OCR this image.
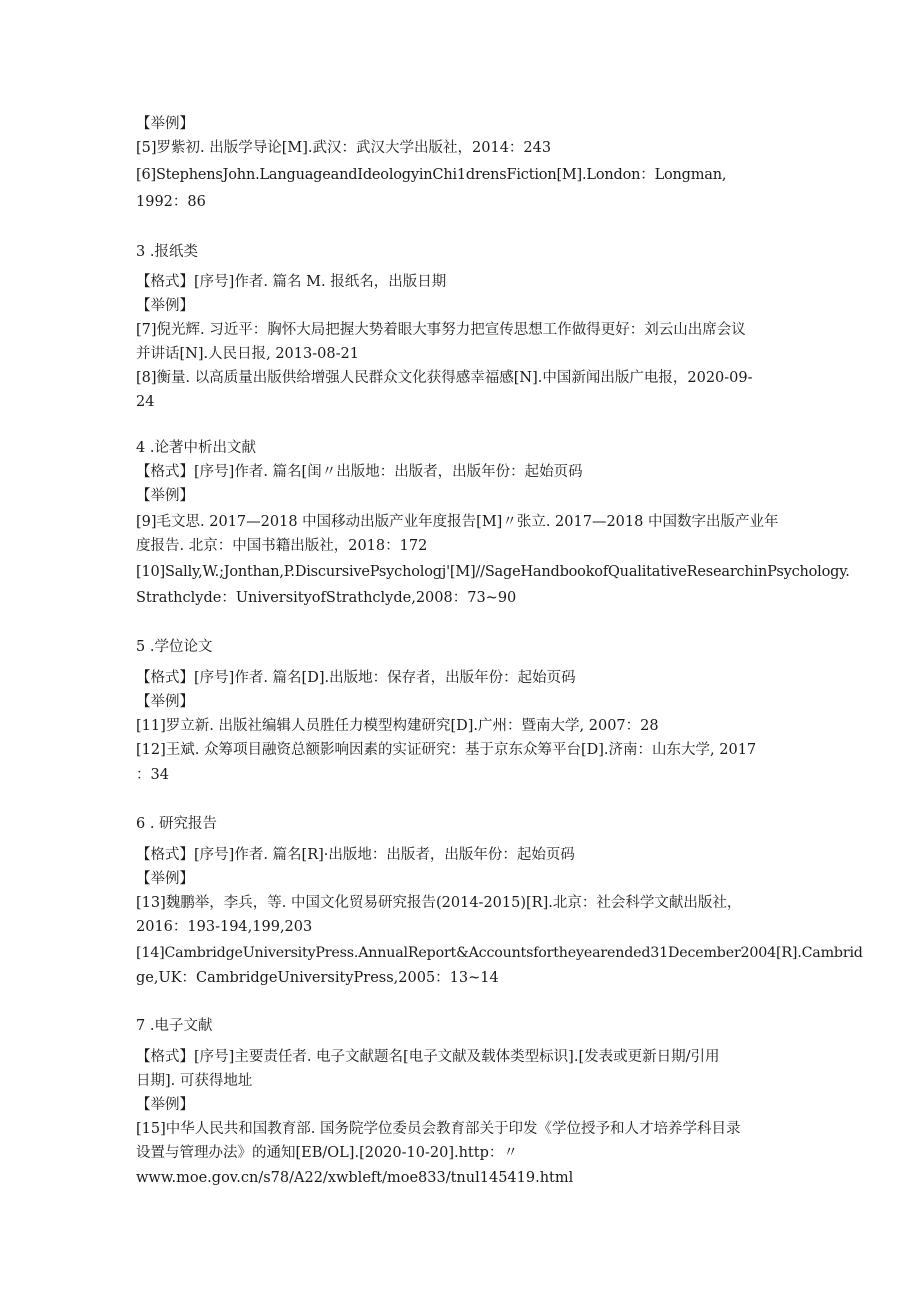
【举例】
[5]罗紫初. 出版学导论[M].武汉：武汉大学出版社，2014：243
[6]StephensJohn.LanguageandIdeologyinChi1drensFiction[M].London：Longman,
1992：86
3 .报纸类
【格式】[序号]作者. 篇名 M. 报纸名，出版日期
【举例】
[7]倪光辉. 习近平：胸怀大局把握大势着眼大事努力把宣传思想工作做得更好：刘云山出席会议
并讲话[N].人民日报, 2013-08-21
[8]衡量. 以高质量出版供给增强人民群众文化获得感幸福感[N].中国新闻出版广电报，2020-09-
24
4 .论著中析出文献
【格式】[序号]作者. 篇名[闺〃出版地：出版者，出版年份：起始页码
【举例】
[9]毛文思. 2017—2018 中国移动出版产业年度报告[M]〃张立. 2017—2018 中国数字出版产业年
度报告. 北京：中国书籍出版社，2018：172
[10]Sally,W.;Jonthan,P.DiscursivePsychologj'[M]//SageHandbookofQualitativeResearchinPsychology.
Strathclyde：UniversityofStrathclyde,2008：73~90
5 .学位论文
【格式】[序号]作者. 篇名[D].出版地：保存者，出版年份：起始页码
【举例】
[11]罗立新. 出版社编辑人员胜任力模型构建研究[D].广州：暨南大学, 2007：28
[12]王斌. 众筹项目融资总额影响因素的实证研究：基于京东众筹平台[D].济南：山东大学, 2017
：34
6 . 研究报告
【格式】[序号]作者. 篇名[R]·出版地：出版者，出版年份：起始页码
【举例】
[13]魏鹏举，李兵，等. 中国文化贸易研究报告(2014-2015)[R].北京：社会科学文献出版社，
2016：193-194,199,203
[14]CambridgeUniversityPress.AnnualReport&Accountsfortheyearended31December2004[R].Cambrid
ge,UK：CambridgeUniversityPress,2005：13~14
7 .电子文献
【格式】[序号]主要责任者. 电子文献题名[电子文献及载体类型标识].[发表或更新日期/引用
日期]. 可获得地址
【举例】
[15]中华人民共和国教育部. 国务院学位委员会教育部关于印发《学位授予和人才培养学科目录
设置与管理办法》的通知[EB/OL].[2020-10-20].http：〃
www.moe.gov.cn/s78/A22/xwbleft/moe833/tnul145419.html
